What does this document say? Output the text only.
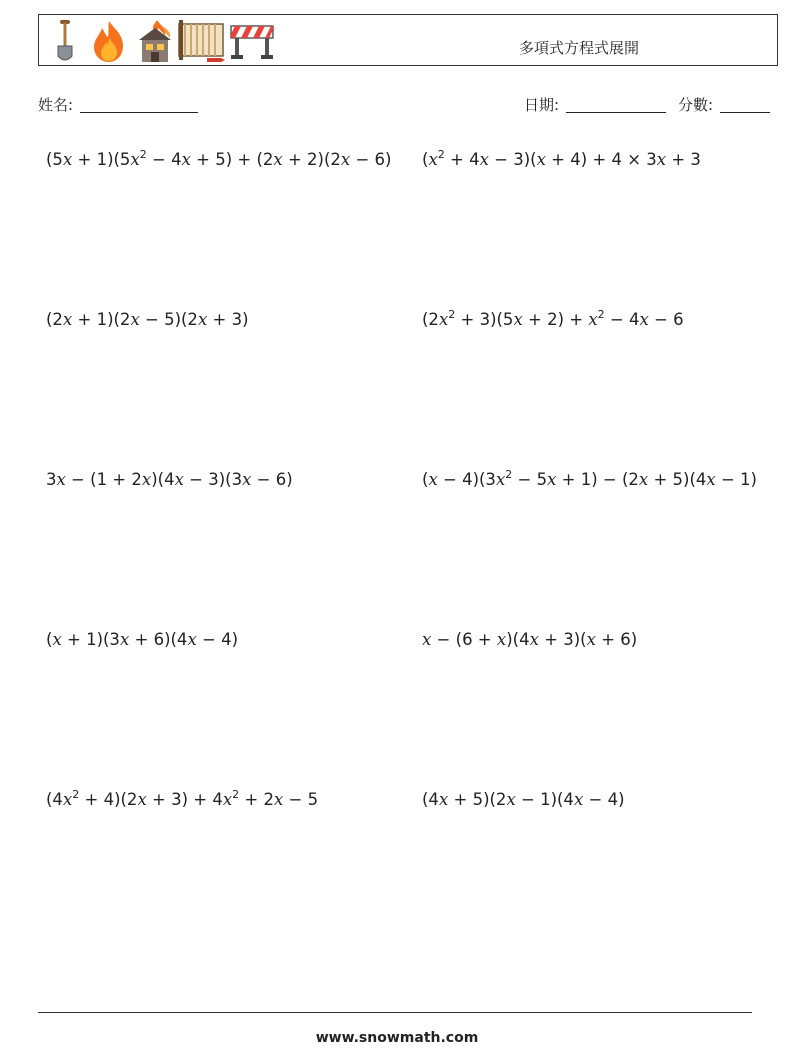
多項式方程式展開
姓名:	日期:	分數:
$(5x + 1)(5x^2 - 4x + 5) + (2x + 2)(2x - 6)$ $(x^2 + 4x - 3)(x + 4) + 4 \times 3x + 3$
(2x + 1)(2x − 5)(2x + 3)	$(2x^2 + 3)(5x + 2) + x^2 - 4x - 6$
3x − (1 + 2x)(4x − 3)(3x − 6)	$(x - 4)(3x^2 - 5x + 1) - (2x + 5)(4x - 1)$
(x + 1)(3x + 6)(4x − 4)	x − (6 + x)(4x + 3)(x + 6)
$(4x^2 + 4)(2x + 3) + 4x^2 + 2x - 5$	(4x + 5)(2x − 1)(4x − 4)
www.snowmath.com
